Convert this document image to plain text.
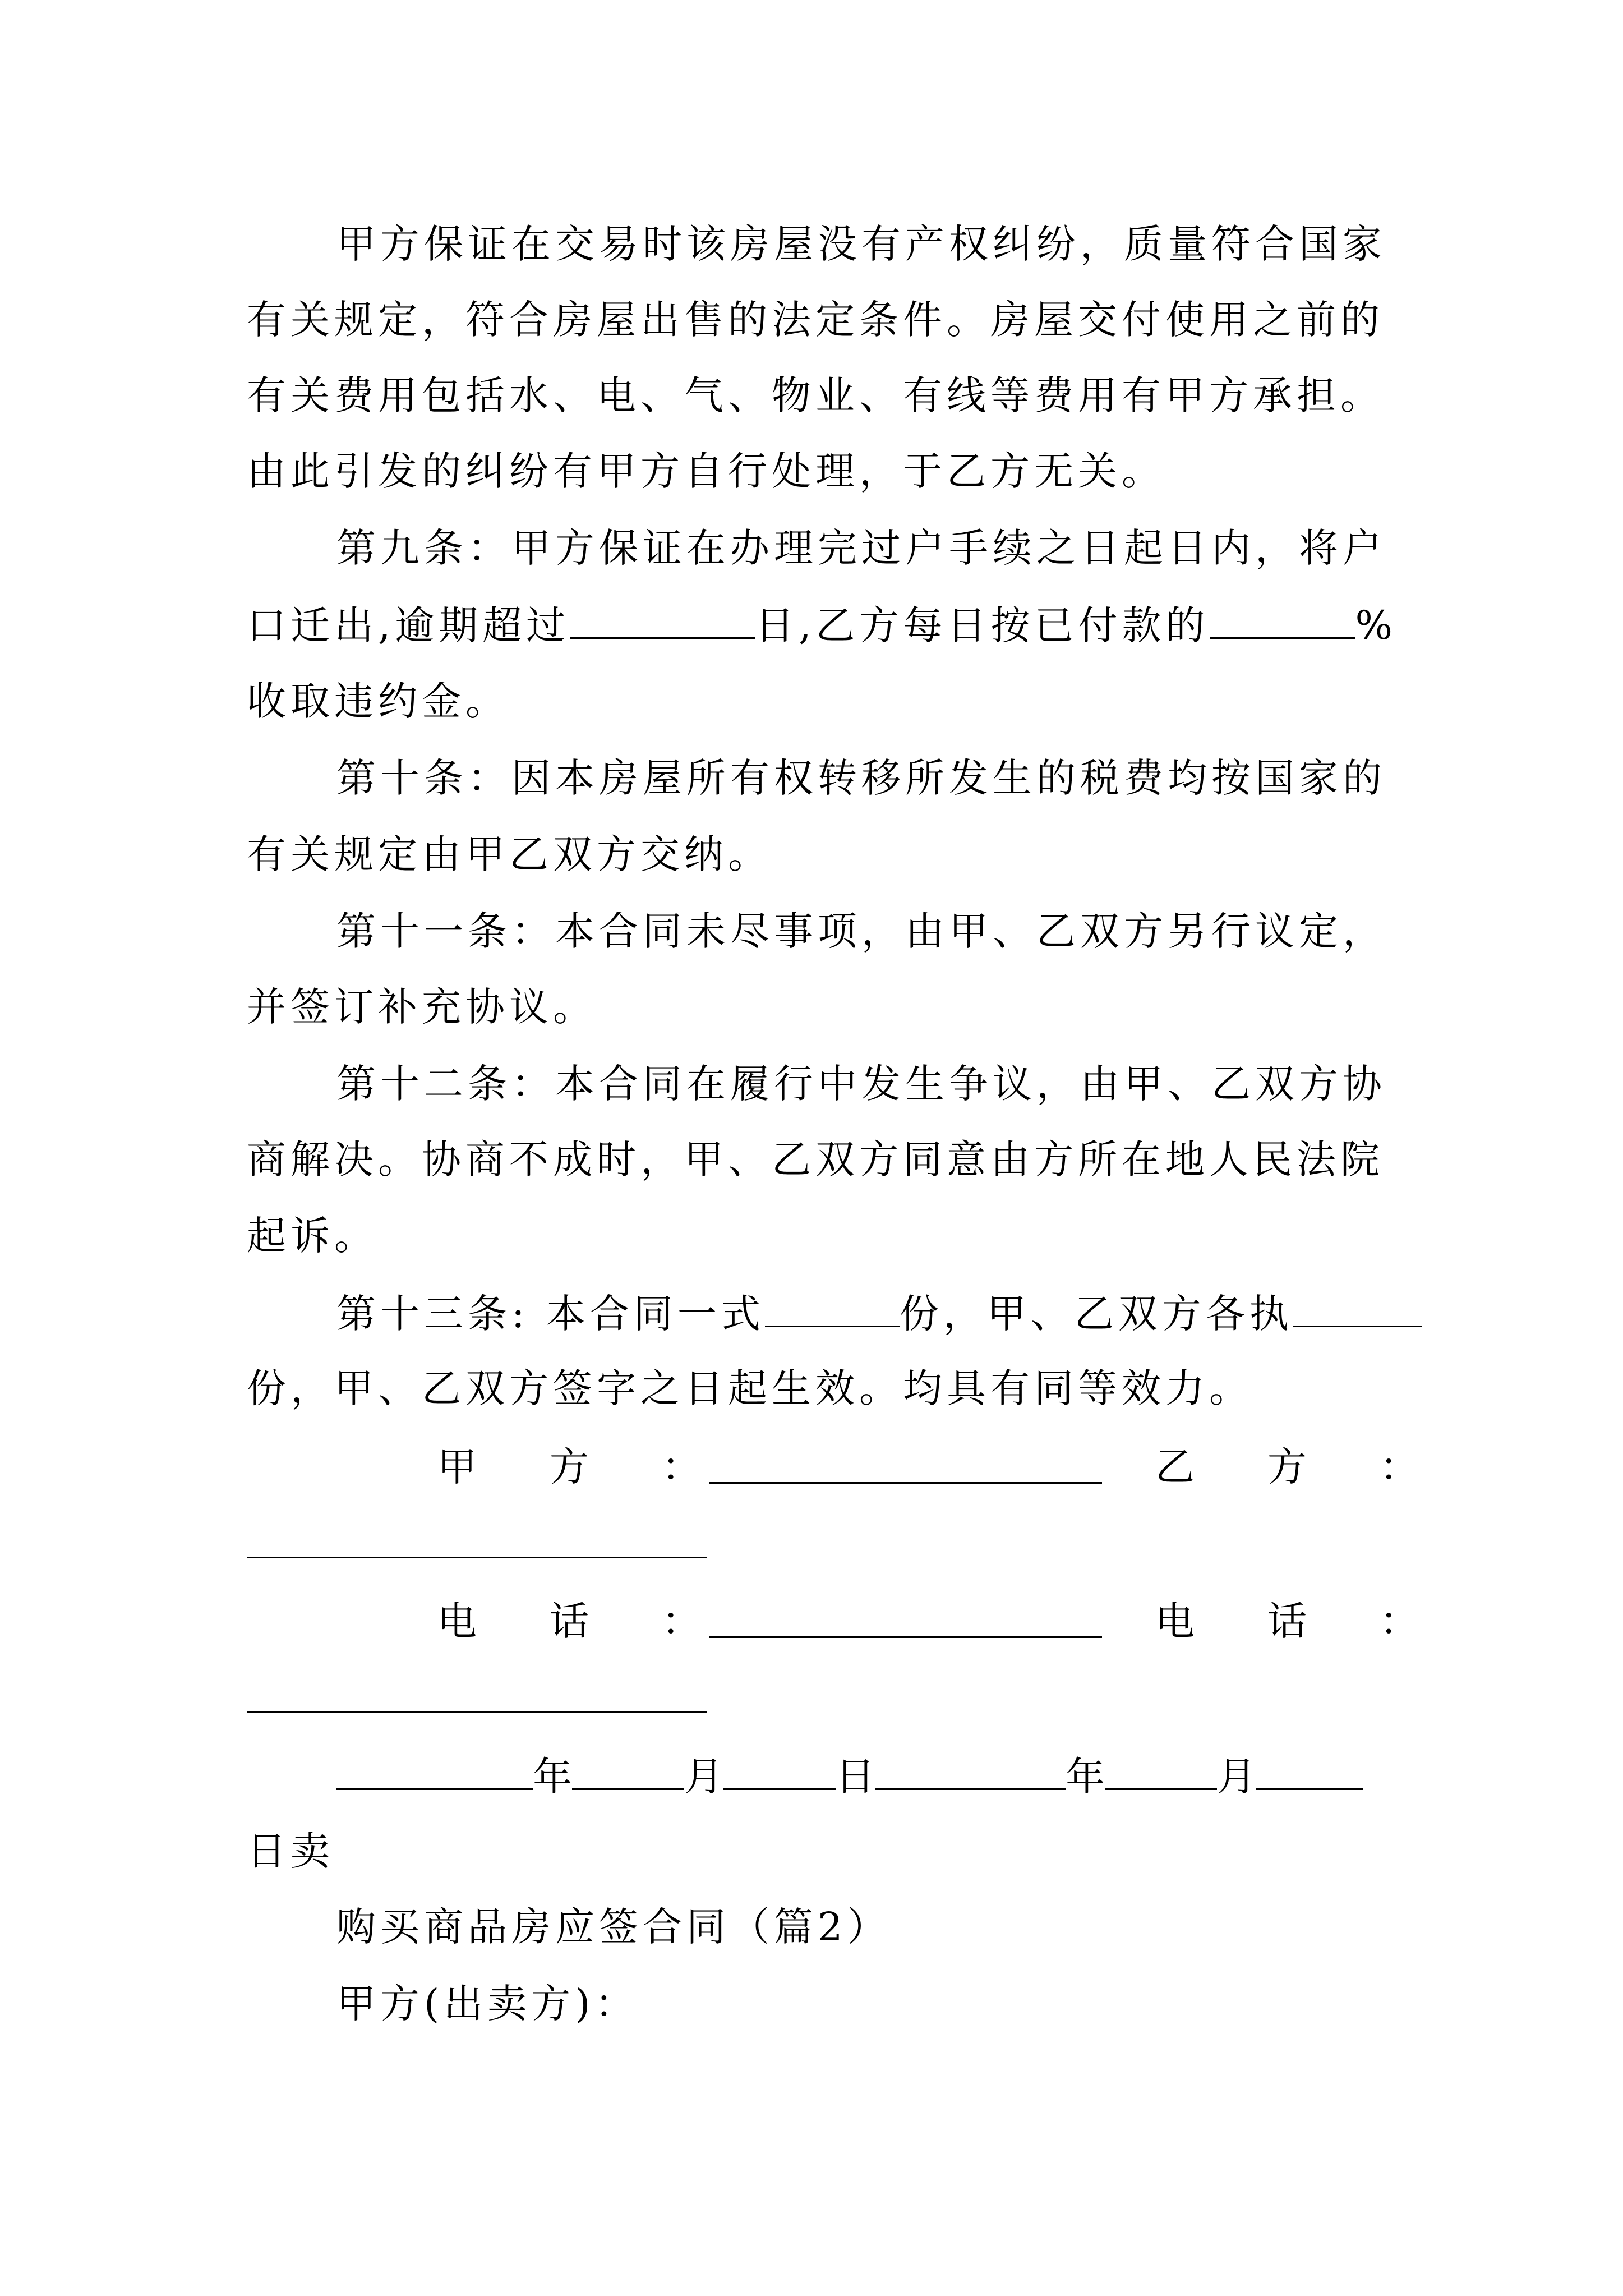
甲方保证在交易时该房屋没有产权纠纷，质量符合国家
有关规定，符合房屋出售的法定条件。房屋交付使用之前的
有关费用包括水、电、气、物业、有线等费用有甲方承担。
由此引发的纠纷有甲方自行处理，于乙方无关。
第九条：甲方保证在办理完过户手续之日起日内，将户
口迁出,逾期超过	日,乙方每日按已付款的	%
收取违约金。
第十条：因本房屋所有权转移所发生的税费均按国家的
有关规定由甲乙双方交纳。
第十一条：本合同未尽事项，由甲、乙双方另行议定，
并签订补充协议。
第十二条：本合同在履行中发生争议，由甲、乙双方协
商解决。协商不成时，甲、乙双方同意由方所在地人民法院
起诉。
第十三条: 本合同一式	份，甲、乙双方各执
份，甲、乙双方签字之日起生效。均具有同等效力。
甲　方　：	乙　方　：
电　话　：	电　话　：
年	月	日	年	月
日卖
购买商品房应签合同（篇2）
甲方(出卖方)：
